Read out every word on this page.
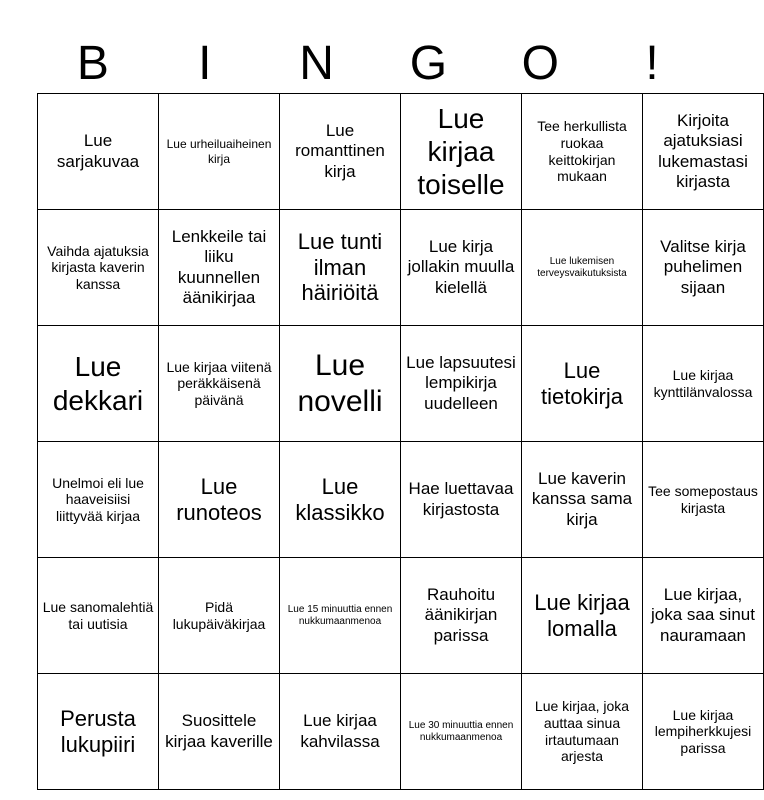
B	I	N	G	O	!
Lue sarjakuvaa	Lue urheiluaiheinen kirja	Lue romanttinen kirja	Lue kirjaa toiselle	Tee herkullista ruokaa keittokirjan mukaan	Kirjoita ajatuksiasi lukemastasi kirjasta
Vaihda ajatuksia kirjasta kaverin kanssa	Lenkkeile tai liiku kuunnellen äänikirjaa	Lue tunti ilman häiriöitä	Lue kirja jollakin muulla kielellä	Lue lukemisen terveysvaikutuksista	Valitse kirja puhelimen sijaan
Lue dekkari	Lue kirjaa viitenä peräkkäisenä päivänä	Lue novelli	Lue lapsuutesi lempikirja uudelleen	Lue tietokirja	Lue kirjaa kynttilänvalossa
Unelmoi eli lue haaveisiisi liittyvää kirjaa	Lue runoteos	Lue klassikko	Hae luettavaa kirjastosta	Lue kaverin kanssa sama kirja	Tee somepostaus kirjasta
Lue sanomalehtiä tai uutisia	Pidä lukupäiväkirjaa	Lue 15 minuuttia ennen nukkumaanmenoa	Rauhoitu äänikirjan parissa	Lue kirjaa lomalla	Lue kirjaa, joka saa sinut nauramaan
Perusta lukupiiri	Suosittele kirjaa kaverille	Lue kirjaa kahvilassa	Lue 30 minuuttia ennen nukkumaanmenoa	Lue kirjaa, joka auttaa sinua irtautumaan arjesta	Lue kirjaa lempiherkkujesi parissa
